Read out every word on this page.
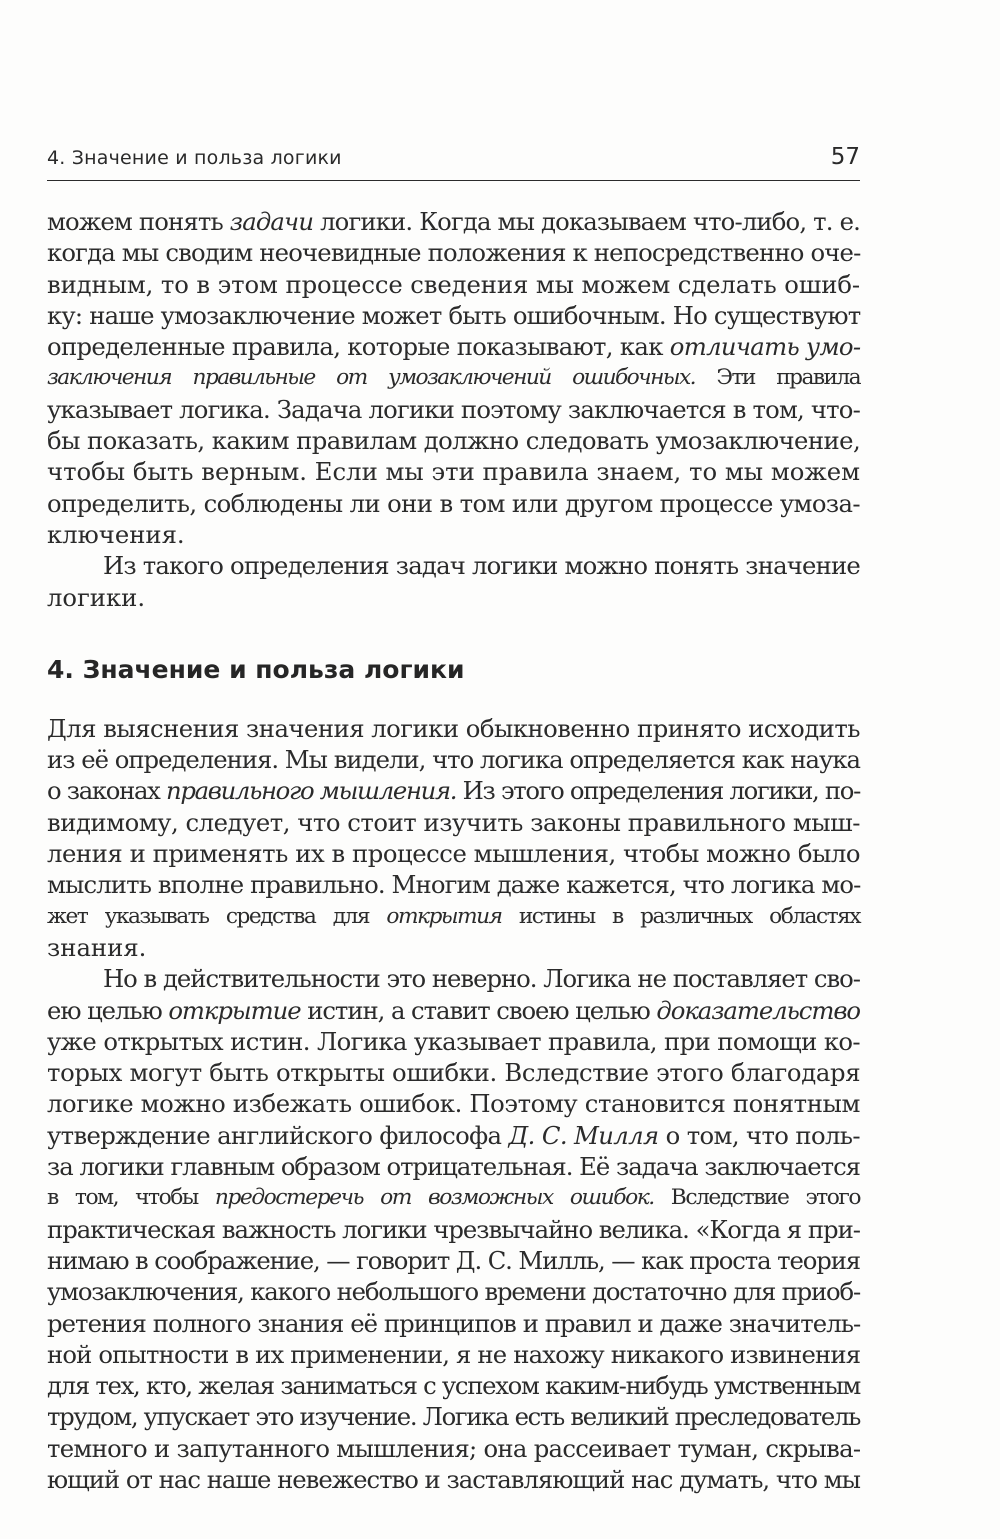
4. Значение и польза логики	57

можем понять задачи логики. Когда мы доказываем что-либо, т. е.
когда мы сводим неочевидные положения к непосредственно оче-
видным, то в этом процессе сведения мы можем сделать ошиб-
ку: наше умозаключение может быть ошибочным. Но существуют
определенные правила, которые показывают, как отличать умо-
заключения правильные от умозаключений ошибочных. Эти правила
указывает логика. Задача логики поэтому заключается в том, что-
бы показать, каким правилам должно следовать умозаключение,
чтобы быть верным. Если мы эти правила знаем, то мы можем
определить, соблюдены ли они в том или другом процессе умоза-
ключения.

Из такого определения задач логики можно понять значение
логики.

4. Значение и польза логики

Для выяснения значения логики обыкновенно принято исходить
из её определения. Мы видели, что логика определяется как наука
о законах правильного мышления. Из этого определения логики, по-
видимому, следует, что стоит изучить законы правильного мыш-
ления и применять их в процессе мышления, чтобы можно было
мыслить вполне правильно. Многим даже кажется, что логика мо-
жет указывать средства для открытия истины в различных областях
знания.

Но в действительности это неверно. Логика не поставляет сво-
ею целью открытие истин, а ставит своею целью доказательство
уже открытых истин. Логика указывает правила, при помощи ко-
торых могут быть открыты ошибки. Вследствие этого благодаря
логике можно избежать ошибок. Поэтому становится понятным
утверждение английского философа Д. С. Милля о том, что поль-
за логики главным образом отрицательная. Её задача заключается
в том, чтобы предостеречь от возможных ошибок. Вследствие этого
практическая важность логики чрезвычайно велика. «Когда я при-
нимаю в соображение, — говорит Д. С. Милль, — как проста теория
умозаключения, какого небольшого времени достаточно для приоб-
ретения полного знания её принципов и правил и даже значитель-
ной опытности в их применении, я не нахожу никакого извинения
для тех, кто, желая заниматься с успехом каким-нибудь умственным
трудом, упускает это изучение. Логика есть великий преследователь
темного и запутанного мышления; она рассеивает туман, скрыва-
ющий от нас наше невежество и заставляющий нас думать, что мы
